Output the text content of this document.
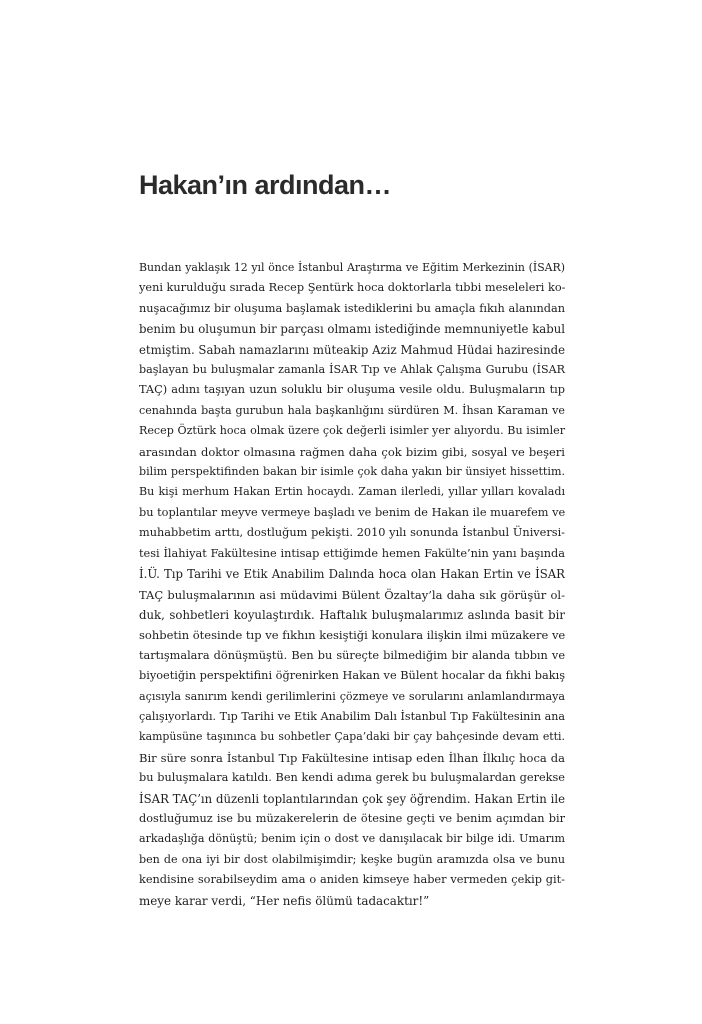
Hakan’ın ardından…
Bundan yaklaşık 12 yıl önce İstanbul Araştırma ve Eğitim Merkezinin (İSAR)
yeni kurulduğu sırada Recep Şentürk hoca doktorlarla tıbbi meseleleri ko-
nuşacağımız bir oluşuma başlamak istediklerini bu amaçla fıkıh alanından
benim bu oluşumun bir parçası olmamı istediğinde memnuniyetle kabul
etmiştim. Sabah namazlarını müteakip Aziz Mahmud Hüdai haziresinde
başlayan bu buluşmalar zamanla İSAR Tıp ve Ahlak Çalışma Gurubu (İSAR
TAÇ) adını taşıyan uzun soluklu bir oluşuma vesile oldu. Buluşmaların tıp
cenahında başta gurubun hala başkanlığını sürdüren M. İhsan Karaman ve
Recep Öztürk hoca olmak üzere çok değerli isimler yer alıyordu. Bu isimler
arasından doktor olmasına rağmen daha çok bizim gibi, sosyal ve beşeri
bilim perspektifinden bakan bir isimle çok daha yakın bir ünsiyet hissettim.
Bu kişi merhum Hakan Ertin hocaydı. Zaman ilerledi, yıllar yılları kovaladı
bu toplantılar meyve vermeye başladı ve benim de Hakan ile muarefem ve
muhabbetim arttı, dostluğum pekişti. 2010 yılı sonunda İstanbul Üniversi-
tesi İlahiyat Fakültesine intisap ettiğimde hemen Fakülte’nin yanı başında
İ.Ü. Tıp Tarihi ve Etik Anabilim Dalında hoca olan Hakan Ertin ve İSAR
TAÇ buluşmalarının asi müdavimi Bülent Özaltay’la daha sık görüşür ol-
duk, sohbetleri koyulaştırdık. Haftalık buluşmalarımız aslında basit bir
sohbetin ötesinde tıp ve fıkhın kesiştiği konulara ilişkin ilmi müzakere ve
tartışmalara dönüşmüştü. Ben bu süreçte bilmediğim bir alanda tıbbın ve
biyoetiğin perspektifini öğrenirken Hakan ve Bülent hocalar da fıkhi bakış
açısıyla sanırım kendi gerilimlerini çözmeye ve sorularını anlamlandırmaya
çalışıyorlardı. Tıp Tarihi ve Etik Anabilim Dalı İstanbul Tıp Fakültesinin ana
kampüsüne taşınınca bu sohbetler Çapa’daki bir çay bahçesinde devam etti.
Bir süre sonra İstanbul Tıp Fakültesine intisap eden İlhan İlkılıç hoca da
bu buluşmalara katıldı. Ben kendi adıma gerek bu buluşmalardan gerekse
İSAR TAÇ’ın düzenli toplantılarından çok şey öğrendim. Hakan Ertin ile
dostluğumuz ise bu müzakerelerin de ötesine geçti ve benim açımdan bir
arkadaşlığa dönüştü; benim için o dost ve danışılacak bir bilge idi. Umarım
ben de ona iyi bir dost olabilmişimdir; keşke bugün aramızda olsa ve bunu
kendisine sorabilseydim ama o aniden kimseye haber vermeden çekip git-
meye karar verdi, “Her nefis ölümü tadacaktır!”
